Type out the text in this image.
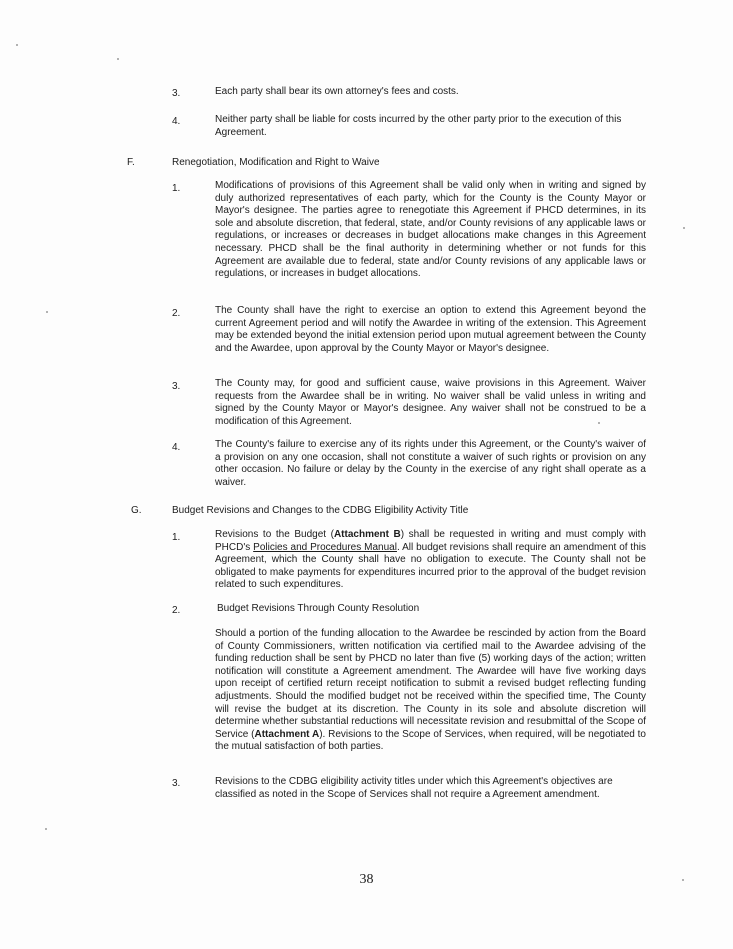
3.	Each party shall bear its own attorney's fees and costs.
4.	Neither party shall be liable for costs incurred by the other party prior to the execution of this Agreement.
F.	Renegotiation, Modification and Right to Waive
1.	Modifications of provisions of this Agreement shall be valid only when in writing and signed by duly authorized representatives of each party, which for the County is the County Mayor or Mayor's designee. The parties agree to renegotiate this Agreement if PHCD determines, in its sole and absolute discretion, that federal, state, and/or County revisions of any applicable laws or regulations, or increases or decreases in budget allocations make changes in this Agreement necessary. PHCD shall be the final authority in determining whether or not funds for this Agreement are available due to federal, state and/or County revisions of any applicable laws or regulations, or increases in budget allocations.
2.	The County shall have the right to exercise an option to extend this Agreement beyond the current Agreement period and will notify the Awardee in writing of the extension. This Agreement may be extended beyond the initial extension period upon mutual agreement between the County and the Awardee, upon approval by the County Mayor or Mayor's designee.
3.	The County may, for good and sufficient cause, waive provisions in this Agreement. Waiver requests from the Awardee shall be in writing. No waiver shall be valid unless in writing and signed by the County Mayor or Mayor's designee. Any waiver shall not be construed to be a modification of this Agreement.
4.	The County's failure to exercise any of its rights under this Agreement, or the County's waiver of a provision on any one occasion, shall not constitute a waiver of such rights or provision on any other occasion. No failure or delay by the County in the exercise of any right shall operate as a waiver.
G.	Budget Revisions and Changes to the CDBG Eligibility Activity Title
1.	Revisions to the Budget (Attachment B) shall be requested in writing and must comply with PHCD's Policies and Procedures Manual. All budget revisions shall require an amendment of this Agreement, which the County shall have no obligation to execute. The County shall not be obligated to make payments for expenditures incurred prior to the approval of the budget revision related to such expenditures.
2.	Budget Revisions Through County Resolution
Should a portion of the funding allocation to the Awardee be rescinded by action from the Board of County Commissioners, written notification via certified mail to the Awardee advising of the funding reduction shall be sent by PHCD no later than five (5) working days of the action; written notification will constitute a Agreement amendment. The Awardee will have five working days upon receipt of certified return receipt notification to submit a revised budget reflecting funding adjustments. Should the modified budget not be received within the specified time, The County will revise the budget at its discretion. The County in its sole and absolute discretion will determine whether substantial reductions will necessitate revision and resubmittal of the Scope of Service (Attachment A). Revisions to the Scope of Services, when required, will be negotiated to the mutual satisfaction of both parties.
3.	Revisions to the CDBG eligibility activity titles under which this Agreement's objectives are classified as noted in the Scope of Services shall not require a Agreement amendment.
38
